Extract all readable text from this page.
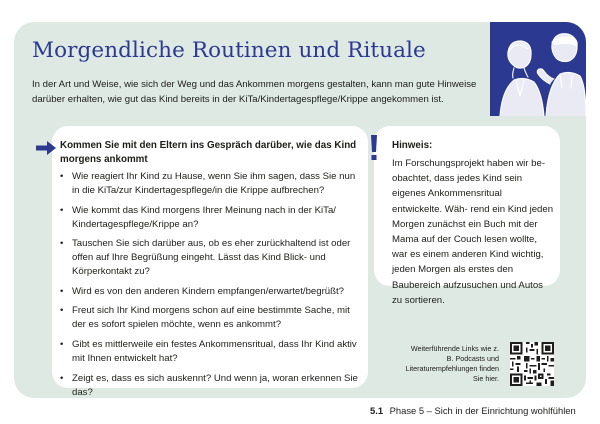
Morgendliche Routinen und Rituale
In der Art und Weise, wie sich der Weg und das Ankommen morgens gestalten, kann man gute Hinweise darüber erhalten, wie gut das Kind bereits in der KiTa/Kindertagespflege/Krippe angekommen ist.
Kommen Sie mit den Eltern ins Gespräch darüber, wie das Kind morgens ankommt
• Wie reagiert Ihr Kind zu Hause, wenn Sie ihm sagen, dass Sie nun in die KiTa/zur Kindertagespflege/in die Krippe aufbrechen?
• Wie kommt das Kind morgens Ihrer Meinung nach in der KiTa/ Kindertagespflege/Krippe an?
• Tauschen Sie sich darüber aus, ob es eher zurückhaltend ist oder offen auf Ihre Begrüßung eingeht. Lässt das Kind Blick- und Körperkontakt zu?
• Wird es von den anderen Kindern empfangen/erwartet/begrüßt?
• Freut sich Ihr Kind morgens schon auf eine bestimmte Sache, mit der es sofort spielen möchte, wenn es ankommt?
• Gibt es mittlerweile ein festes Ankommensritual, dass Ihr Kind aktiv mit Ihnen entwickelt hat?
• Zeigt es, dass es sich auskennt? Und wenn ja, woran erkennen Sie das?
Hinweis:
Im Forschungsprojekt haben wir be- obachtet, dass jedes Kind sein eigenes Ankommensritual entwickelte. Wäh- rend ein Kind jeden Morgen zunächst ein Buch mit der Mama auf der Couch lesen wollte, war es einem anderen Kind wichtig, jeden Morgen als erstes den Baubereich aufzusuchen und Autos zu sortieren.
Weiterführende Links wie z. B. Podcasts und Literaturempfehlungen finden Sie hier.
5.1 Phase 5 – Sich in der Einrichtung wohlfühlen
